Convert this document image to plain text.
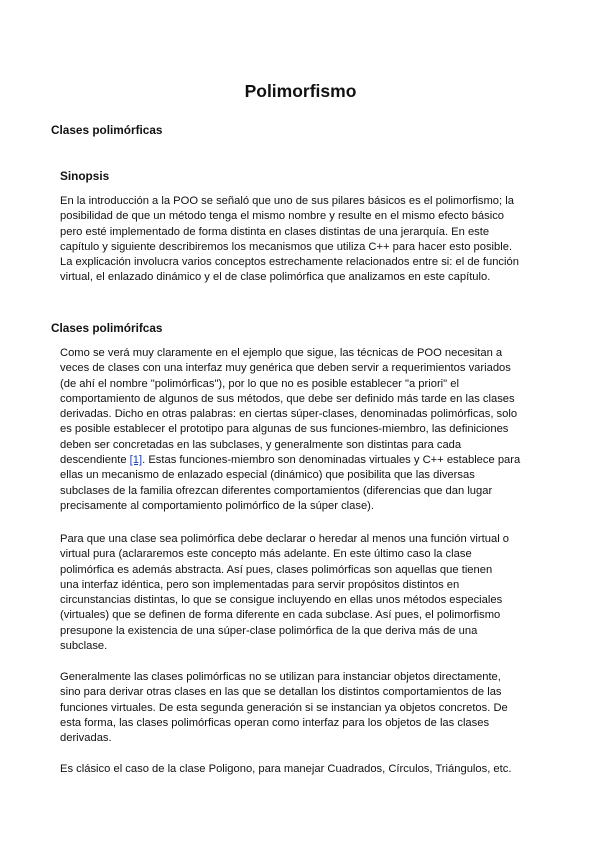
Polimorfismo
Clases polimórficas
Sinopsis

En la introducción a la POO se señaló que uno de sus pilares básicos es el polimorfismo; la
posibilidad de que un método tenga el mismo nombre y resulte en el mismo efecto básico
pero esté implementado de forma distinta en clases distintas de una jerarquía. En este
capítulo y siguiente describiremos los mecanismos que utiliza C++ para hacer esto posible.
La explicación involucra varios conceptos estrechamente relacionados entre si: el de función
virtual, el enlazado dinámico y el de clase polimórfica que analizamos en este capítulo.

Clases polimórifcas

Como se verá muy claramente en el ejemplo que sigue, las técnicas de POO necesitan a
veces de clases con una interfaz muy genérica que deben servir a requerimientos variados
(de ahí el nombre "polimórficas"), por lo que no es posible establecer "a priori" el
comportamiento de algunos de sus métodos, que debe ser definido más tarde en las clases
derivadas. Dicho en otras palabras: en ciertas súper-clases, denominadas polimórficas, solo
es posible establecer el prototipo para algunas de sus funciones-miembro, las definiciones
deben ser concretadas en las subclases, y generalmente son distintas para cada
descendiente [1]. Estas funciones-miembro son denominadas virtuales y C++ establece para
ellas un mecanismo de enlazado especial (dinámico) que posibilita que las diversas
subclases de la familia ofrezcan diferentes comportamientos (diferencias que dan lugar
precisamente al comportamiento polimórfico de la súper clase).

Para que una clase sea polimórfica debe declarar o heredar al menos una función virtual o
virtual pura (aclararemos este concepto más adelante. En este último caso la clase
polimórfica es además abstracta. Así pues, clases polimórficas son aquellas que tienen
una interfaz idéntica, pero son implementadas para servir propósitos distintos en
circunstancias distintas, lo que se consigue incluyendo en ellas unos métodos especiales
(virtuales) que se definen de forma diferente en cada subclase. Así pues, el polimorfismo
presupone la existencia de una súper-clase polimórfica de la que deriva más de una
subclase.

Generalmente las clases polimórficas no se utilizan para instanciar objetos directamente,
sino para derivar otras clases en las que se detallan los distintos comportamientos de las
funciones virtuales. De esta segunda generación si se instancian ya objetos concretos. De
esta forma, las clases polimórficas operan como interfaz para los objetos de las clases
derivadas.

Es clásico el caso de la clase Poligono, para manejar Cuadrados, Círculos, Triángulos, etc.
